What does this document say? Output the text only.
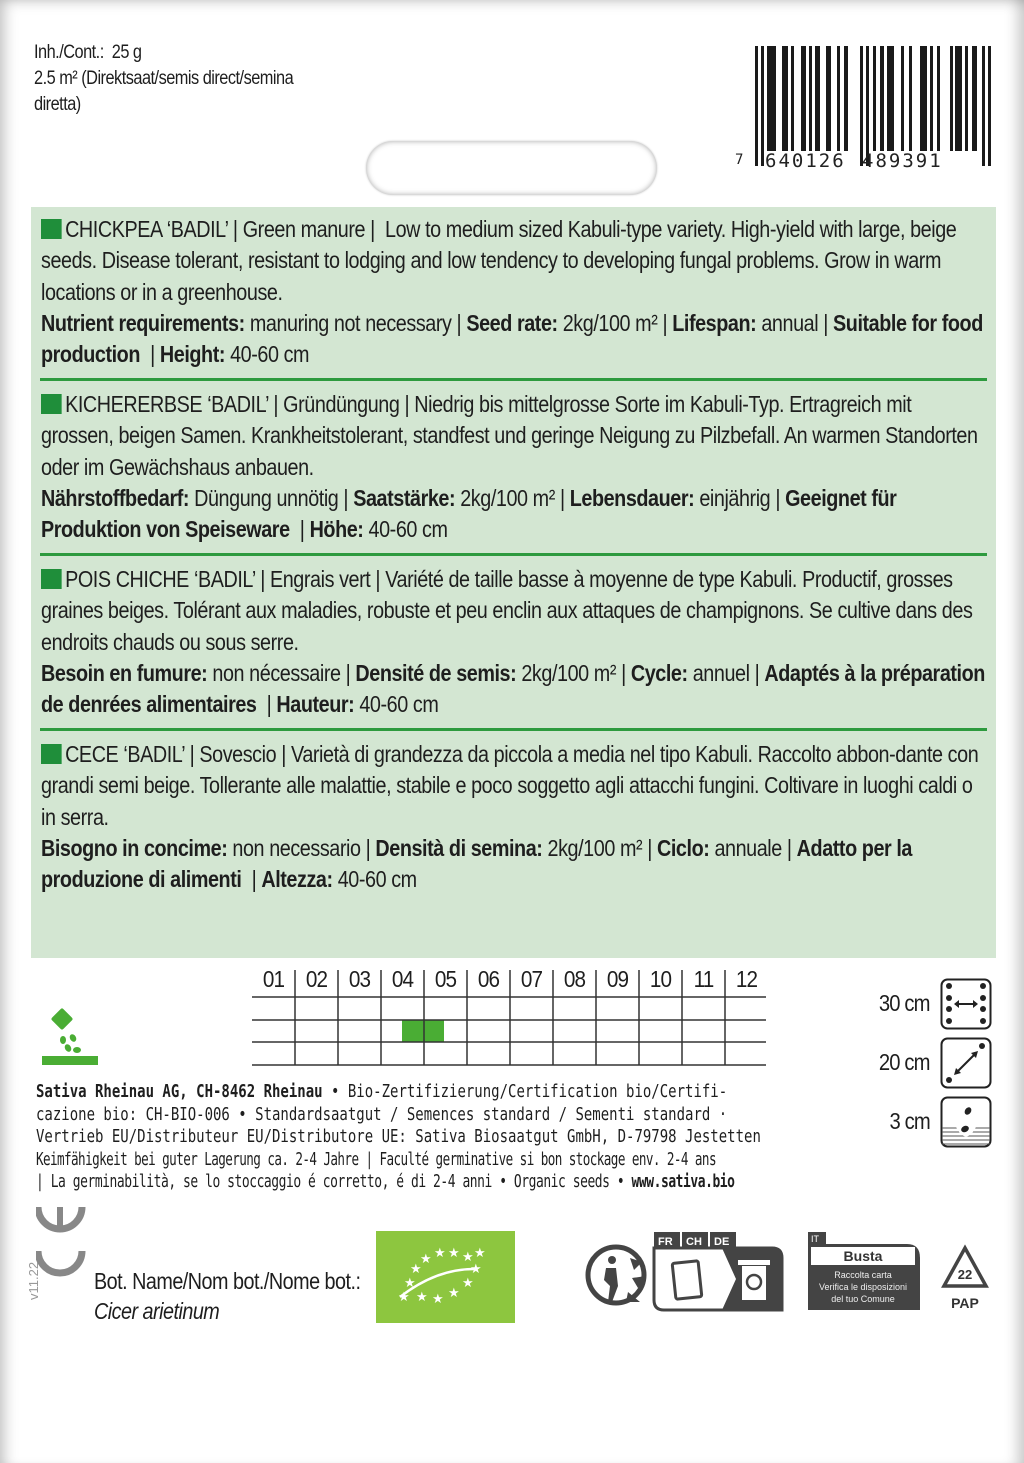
Inh./Cont.: 25 g
2.5 m² (Direktsaat/semis direct/semina
diretta)
7 640126 489391
CHICKPEA ‘BADIL’ | Green manure |  Low to medium sized Kabuli-type variety. High-yield with large, beige seeds. Disease tolerant, resistant to lodging and low tendency to developing fungal problems. Grow in warm locations or in a greenhouse.
Nutrient requirements: manuring not necessary | Seed rate: 2kg/100 m² | Lifespan: annual | Suitable for food production  | Height: 40-60 cm
KICHERERBSE ‘BADIL’ | Gründüngung | Niedrig bis mittelgrosse Sorte im Kabuli-Typ. Ertragreich mit grossen, beigen Samen. Krankheitstolerant, standfest und geringe Neigung zu Pilzbefall. An warmen Standorten oder im Gewächshaus anbauen.
Nährstoffbedarf: Düngung unnötig | Saatstärke: 2kg/100 m² | Lebensdauer: einjährig | Geeignet für Produktion von Speiseware  | Höhe: 40-60 cm
POIS CHICHE ‘BADIL’ | Engrais vert | Variété de taille basse à moyenne de type Kabuli. Productif, grosses graines beiges. Tolérant aux maladies, robuste et peu enclin aux attaques de champignons. Se cultive dans des endroits chauds ou sous serre.
Besoin en fumure: non nécessaire | Densité de semis: 2kg/100 m² | Cycle: annuel | Adaptés à la préparation de denrées alimentaires  | Hauteur: 40-60 cm
CECE ‘BADIL’ | Sovescio | Varietà di grandezza da piccola a media nel tipo Kabuli. Raccolto abbon-dante con grandi semi beige. Tollerante alle malattie, stabile e poco soggetto agli attacchi fungini. Coltivare in luoghi caldi o in serra.
Bisogno in concime: non necessario | Densità di semina: 2kg/100 m² | Ciclo: annuale | Adatto per la produzione di alimenti  | Altezza: 40-60 cm
01 02 03 04 05 06 07 08 09 10 11 12
30 cm
20 cm
3 cm
Sativa Rheinau AG, CH-8462 Rheinau • Bio-Zertifizierung/Certification bio/Certifi-
cazione bio: CH-BIO-006 • Standardsaatgut / Semences standard / Sementi standard ·
Vertrieb EU/Distributeur EU/Distributore UE: Sativa Biosaatgut GmbH, D-79798 Jestetten
Keimfähigkeit bei guter Lagerung ca. 2-4 Jahre | Faculté germinative si bon stockage env. 2-4 ans
| La germinabilità, se lo stoccaggio é corretto, é di 2-4 anni • Organic seeds • www.sativa.bio
v11.22 Bot. Name/Nom bot./Nome bot.:
Cicer arietinum
★ ★ ★ ★ ★
★	★
★	★
★ ★ ★ ★
FR CH DE	IT
Busta
Raccolta carta
Verifica le disposizioni
del tuo Comune
22
PAP
